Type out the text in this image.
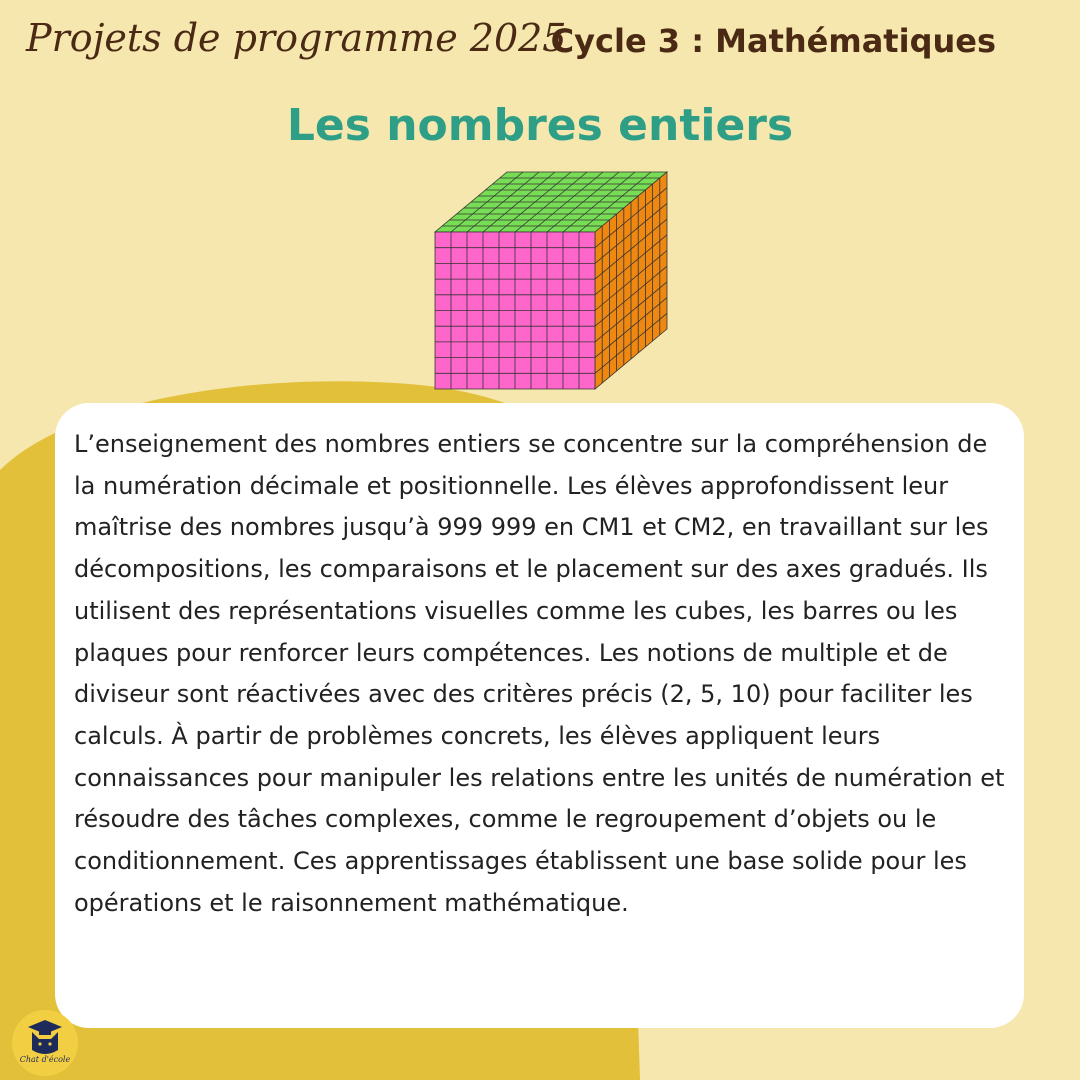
Projets de programme 2025
Cycle 3 : Mathématiques
Les nombres entiers

L’enseignement des nombres entiers se concentre sur la compréhension de la numération décimale et positionnelle. Les élèves approfondissent leur maîtrise des nombres jusqu’à 999 999 en CM1 et CM2, en travaillant sur les décompositions, les comparaisons et le placement sur des axes gradués. Ils utilisent des représentations visuelles comme les cubes, les barres ou les plaques pour renforcer leurs compétences. Les notions de multiple et de diviseur sont réactivées avec des critères précis (2, 5, 10) pour faciliter les calculs. À partir de problèmes concrets, les élèves appliquent leurs connaissances pour manipuler les relations entre les unités de numération et résoudre des tâches complexes, comme le regroupement d’objets ou le conditionnement. Ces apprentissages établissent une base solide pour les opérations et le raisonnement mathématique.

Chat d'école
